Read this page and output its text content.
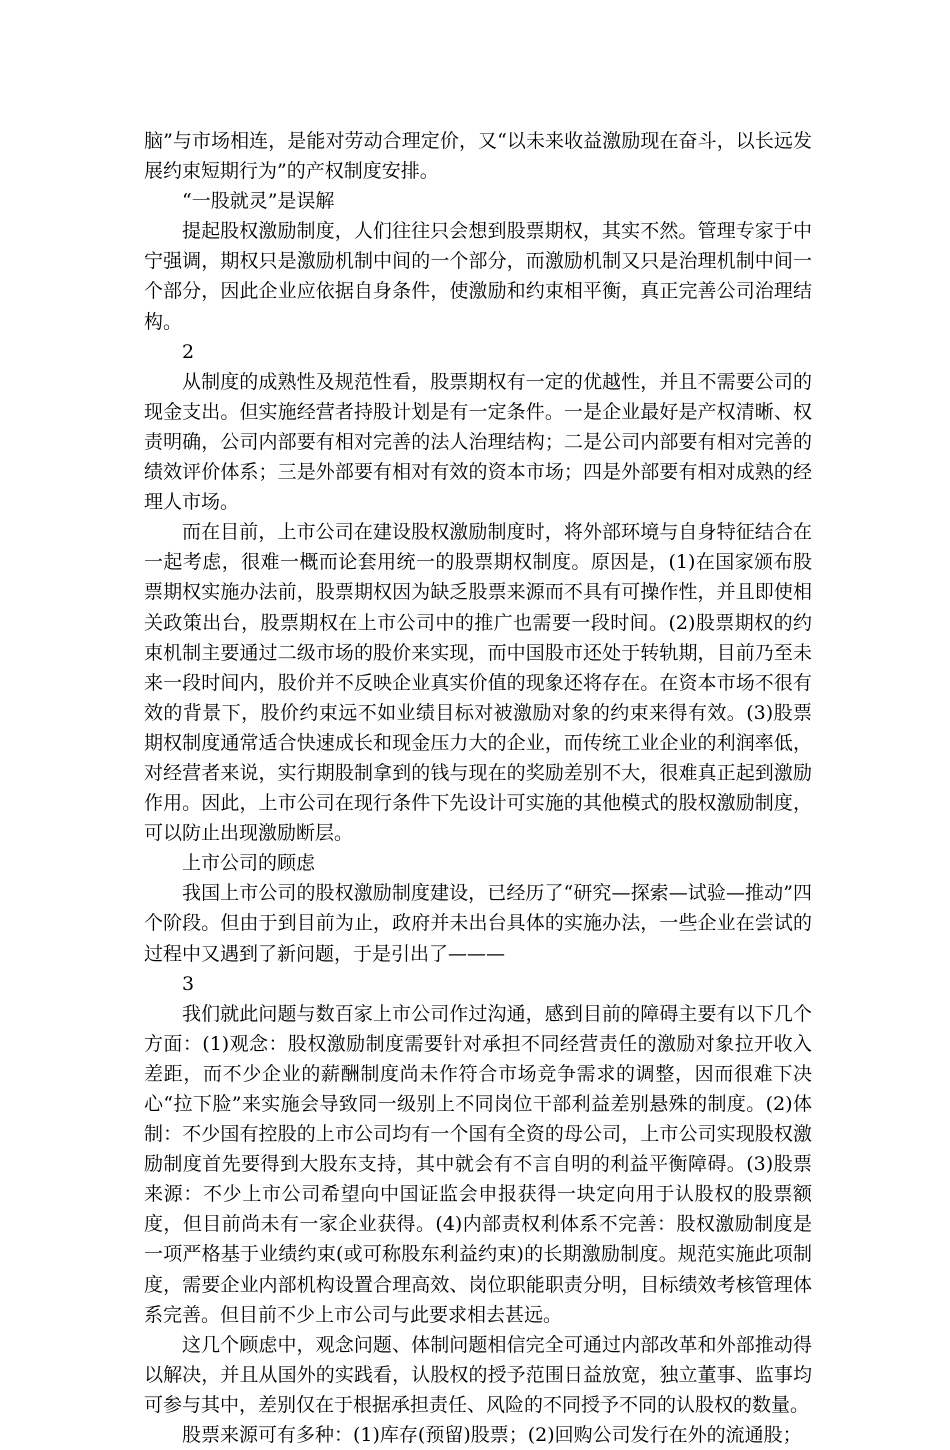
脑”与市场相连，是能对劳动合理定价，又“以未来收益激励现在奋斗，以长远发展约束短期行为”的产权制度安排。

“一股就灵”是误解

提起股权激励制度，人们往往只会想到股票期权，其实不然。管理专家于中宁强调，期权只是激励机制中间的一个部分，而激励机制又只是治理机制中间一个部分，因此企业应依据自身条件，使激励和约束相平衡，真正完善公司治理结构。

2

从制度的成熟性及规范性看，股票期权有一定的优越性，并且不需要公司的现金支出。但实施经营者持股计划是有一定条件。一是企业最好是产权清晰、权责明确，公司内部要有相对完善的法人治理结构；二是公司内部要有相对完善的绩效评价体系；三是外部要有相对有效的资本市场；四是外部要有相对成熟的经理人市场。

而在目前，上市公司在建设股权激励制度时，将外部环境与自身特征结合在一起考虑，很难一概而论套用统一的股票期权制度。原因是，(1)在国家颁布股票期权实施办法前，股票期权因为缺乏股票来源而不具有可操作性，并且即使相关政策出台，股票期权在上市公司中的推广也需要一段时间。(2)股票期权的约束机制主要通过二级市场的股价来实现，而中国股市还处于转轨期，目前乃至未来一段时间内，股价并不反映企业真实价值的现象还将存在。在资本市场不很有效的背景下，股价约束远不如业绩目标对被激励对象的约束来得有效。(3)股票期权制度通常适合快速成长和现金压力大的企业，而传统工业企业的利润率低，对经营者来说，实行期股制拿到的钱与现在的奖励差别不大，很难真正起到激励作用。因此，上市公司在现行条件下先设计可实施的其他模式的股权激励制度，可以防止出现激励断层。

上市公司的顾虑

我国上市公司的股权激励制度建设，已经历了“研究—探索—试验—推动”四个阶段。但由于到目前为止，政府并未出台具体的实施办法，一些企业在尝试的过程中又遇到了新问题，于是引出了———

3

我们就此问题与数百家上市公司作过沟通，感到目前的障碍主要有以下几个方面：(1)观念：股权激励制度需要针对承担不同经营责任的激励对象拉开收入差距，而不少企业的薪酬制度尚未作符合市场竞争需求的调整，因而很难下决心“拉下脸”来实施会导致同一级别上不同岗位干部利益差别悬殊的制度。(2)体制：不少国有控股的上市公司均有一个国有全资的母公司，上市公司实现股权激励制度首先要得到大股东支持，其中就会有不言自明的利益平衡障碍。(3)股票来源：不少上市公司希望向中国证监会申报获得一块定向用于认股权的股票额度，但目前尚未有一家企业获得。(4)内部责权利体系不完善：股权激励制度是一项严格基于业绩约束(或可称股东利益约束)的长期激励制度。规范实施此项制度，需要企业内部机构设置合理高效、岗位职能职责分明，目标绩效考核管理体系完善。但目前不少上市公司与此要求相去甚远。

这几个顾虑中，观念问题、体制问题相信完全可通过内部改革和外部推动得以解决，并且从国外的实践看，认股权的授予范围日益放宽，独立董事、监事均可参与其中，差别仅在于根据承担责任、风险的不同授予不同的认股权的数量。

股票来源可有多种：(1)库存(预留)股票；(2)回购公司发行在外的流通股；
